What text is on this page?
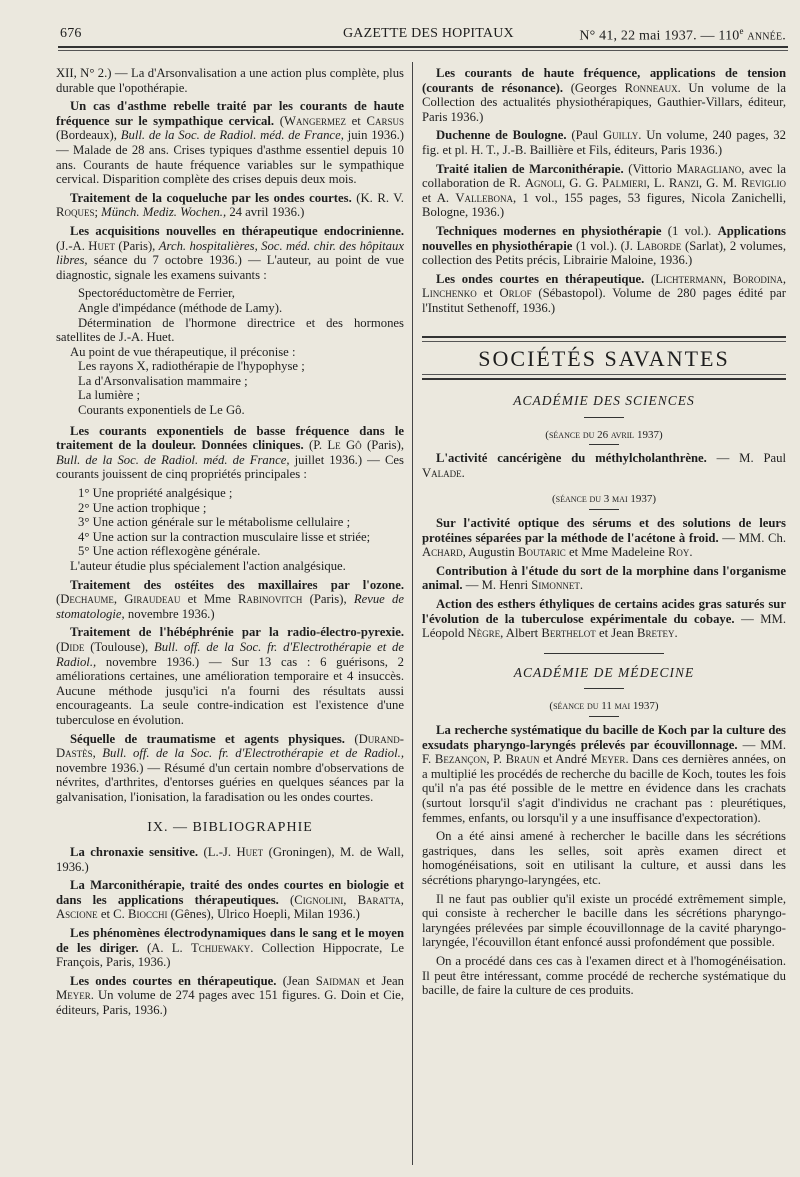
676	GAZETTE DES HOPITAUX	N° 41, 22 mai 1937. — 110e année.

XII, N° 2.) — La d'Arsonvalisation a une action plus complète, plus durable que l'opothérapie.

Un cas d'asthme rebelle traité par les courants de haute fréquence sur le sympathique cervical. (Wangermez et Carsus (Bordeaux), Bull. de la Soc. de Radiol. méd. de France, juin 1936.) — Malade de 28 ans. Crises typiques d'asthme essentiel depuis 10 ans. Courants de haute fréquence variables sur le sympathique cervical. Disparition complète des crises depuis deux mois.

Traitement de la coqueluche par les ondes courtes. (K. R. V. Roques; Münch. Mediz. Wochen., 24 avril 1936.)

Les acquisitions nouvelles en thérapeutique endocrinienne. (J.-A. Huet (Paris), Arch. hospitalières, Soc. méd. chir. des hôpitaux libres, séance du 7 octobre 1936.) — L'auteur, au point de vue diagnostic, signale les examens suivants :

Spectoréductomètre de Ferrier,

Angle d'impédance (méthode de Lamy).

Détermination de l'hormone directrice et des hormones satellites de J.-A. Huet.

Au point de vue thérapeutique, il préconise :

Les rayons X, radiothérapie de l'hypophyse ;

La d'Arsonvalisation mammaire ;

La lumière ;

Courants exponentiels de Le Gô.

Les courants exponentiels de basse fréquence dans le traitement de la douleur. Données cliniques. (P. Le Gô (Paris), Bull. de la Soc. de Radiol. méd. de France, juillet 1936.) — Ces courants jouissent de cinq propriétés principales :

1° Une propriété analgésique ;

2° Une action trophique ;

3° Une action générale sur le métabolisme cellulaire ;

4° Une action sur la contraction musculaire lisse et striée;

5° Une action réflexogène générale.

L'auteur étudie plus spécialement l'action analgésique.

Traitement des ostéites des maxillaires par l'ozone. (Dechaume, Giraudeau et Mme Rabinovitch (Paris), Revue de stomatologie, novembre 1936.)

Traitement de l'hébéphrénie par la radio-électro-pyrexie. (Dide (Toulouse), Bull. off. de la Soc. fr. d'Electrothérapie et de Radiol., novembre 1936.) — Sur 13 cas : 6 guérisons, 2 améliorations certaines, une amélioration temporaire et 4 insuccès. Aucune méthode jusqu'ici n'a fourni des résultats aussi encourageants. La seule contre-indication est l'existence d'une tuberculose en évolution.

Séquelle de traumatisme et agents physiques. (Durand-Dastès, Bull. off. de la Soc. fr. d'Electrothérapie et de Radiol., novembre 1936.) — Résumé d'un certain nombre d'observations de névrites, d'arthrites, d'entorses guéries en quelques séances par la galvanisation, l'ionisation, la faradisation ou les ondes courtes.

IX. — BIBLIOGRAPHIE

La chronaxie sensitive. (L.-J. Huet (Groningen), M. de Wall, 1936.)

La Marconithérapie, traité des ondes courtes en biologie et dans les applications thérapeutiques. (Cignolini, Baratta, Ascione et C. Biocchi (Gênes), Ulrico Hoepli, Milan 1936.)

Les phénomènes électrodynamiques dans le sang et le moyen de les diriger. (A. L. Tchijewaky. Collection Hippocrate, Le François, Paris, 1936.)

Les ondes courtes en thérapeutique. (Jean Saidman et Jean Meyer. Un volume de 274 pages avec 151 figures. G. Doin et Cie, éditeurs, Paris, 1936.)

Les courants de haute fréquence, applications de tension (courants de résonance). (Georges Ronneaux. Un volume de la Collection des actualités physiothérapiques, Gauthier-Villars, éditeur, Paris 1936.)

Duchenne de Boulogne. (Paul Guilly. Un volume, 240 pages, 32 fig. et pl. H. T., J.-B. Baillière et Fils, éditeurs, Paris 1936.)

Traité italien de Marconithérapie. (Vittorio Maragliano, avec la collaboration de R. Agnoli, G. G. Palmieri, L. Ranzi, G. M. Reviglio et A. Vallebona, 1 vol., 155 pages, 53 figures, Nicola Zanichelli, Bologne, 1936.)

Techniques modernes en physiothérapie (1 vol.). Applications nouvelles en physiothérapie (1 vol.). (J. Laborde (Sarlat), 2 volumes, collection des Petits précis, Librairie Maloine, 1936.)

Les ondes courtes en thérapeutique. (Lichtermann, Borodina, Linchenko et Orlof (Sébastopol). Volume de 280 pages édité par l'Institut Sethenoff, 1936.)

SOCIÉTÉS SAVANTES
ACADÉMIE DES SCIENCES

(séance du 26 avril 1937)

L'activité cancérigène du méthylcholanthrène. — M. Paul Valade.

(séance du 3 mai 1937)

Sur l'activité optique des sérums et des solutions de leurs protéines séparées par la méthode de l'acétone à froid. — MM. Ch. Achard, Augustin Boutaric et Mme Madeleine Roy.

Contribution à l'étude du sort de la morphine dans l'organisme animal. — M. Henri Simonnet.

Action des esthers éthyliques de certains acides gras saturés sur l'évolution de la tuberculose expérimentale du cobaye. — MM. Léopold Nègre, Albert Berthelot et Jean Bretey.

ACADÉMIE DE MÉDECINE

(séance du 11 mai 1937)

La recherche systématique du bacille de Koch par la culture des exsudats pharyngo-laryngés prélevés par écouvillonnage. — MM. F. Bezançon, P. Braun et André Meyer. Dans ces dernières années, on a multiplié les procédés de recherche du bacille de Koch, toutes les fois qu'il n'a pas été possible de le mettre en évidence dans les crachats (surtout lorsqu'il s'agit d'individus ne crachant pas : pleurétiques, femmes, enfants, ou lorsqu'il y a une insuffisance d'expectoration).

On a été ainsi amené à rechercher le bacille dans les sécrétions gastriques, dans les selles, soit après examen direct et homogénéisations, soit en utilisant la culture, et aussi dans les sécrétions pharyngo-laryngées, etc.

Il ne faut pas oublier qu'il existe un procédé extrêmement simple, qui consiste à rechercher le bacille dans les sécrétions pharyngo-laryngées prélevées par simple écouvillonnage de la cavité pharyngo-laryngée, l'écouvillon étant enfoncé aussi profondément que possible.

On a procédé dans ces cas à l'examen direct et à l'homogénéisation. Il peut être intéressant, comme procédé de recherche systématique du bacille, de faire la culture de ces produits.
